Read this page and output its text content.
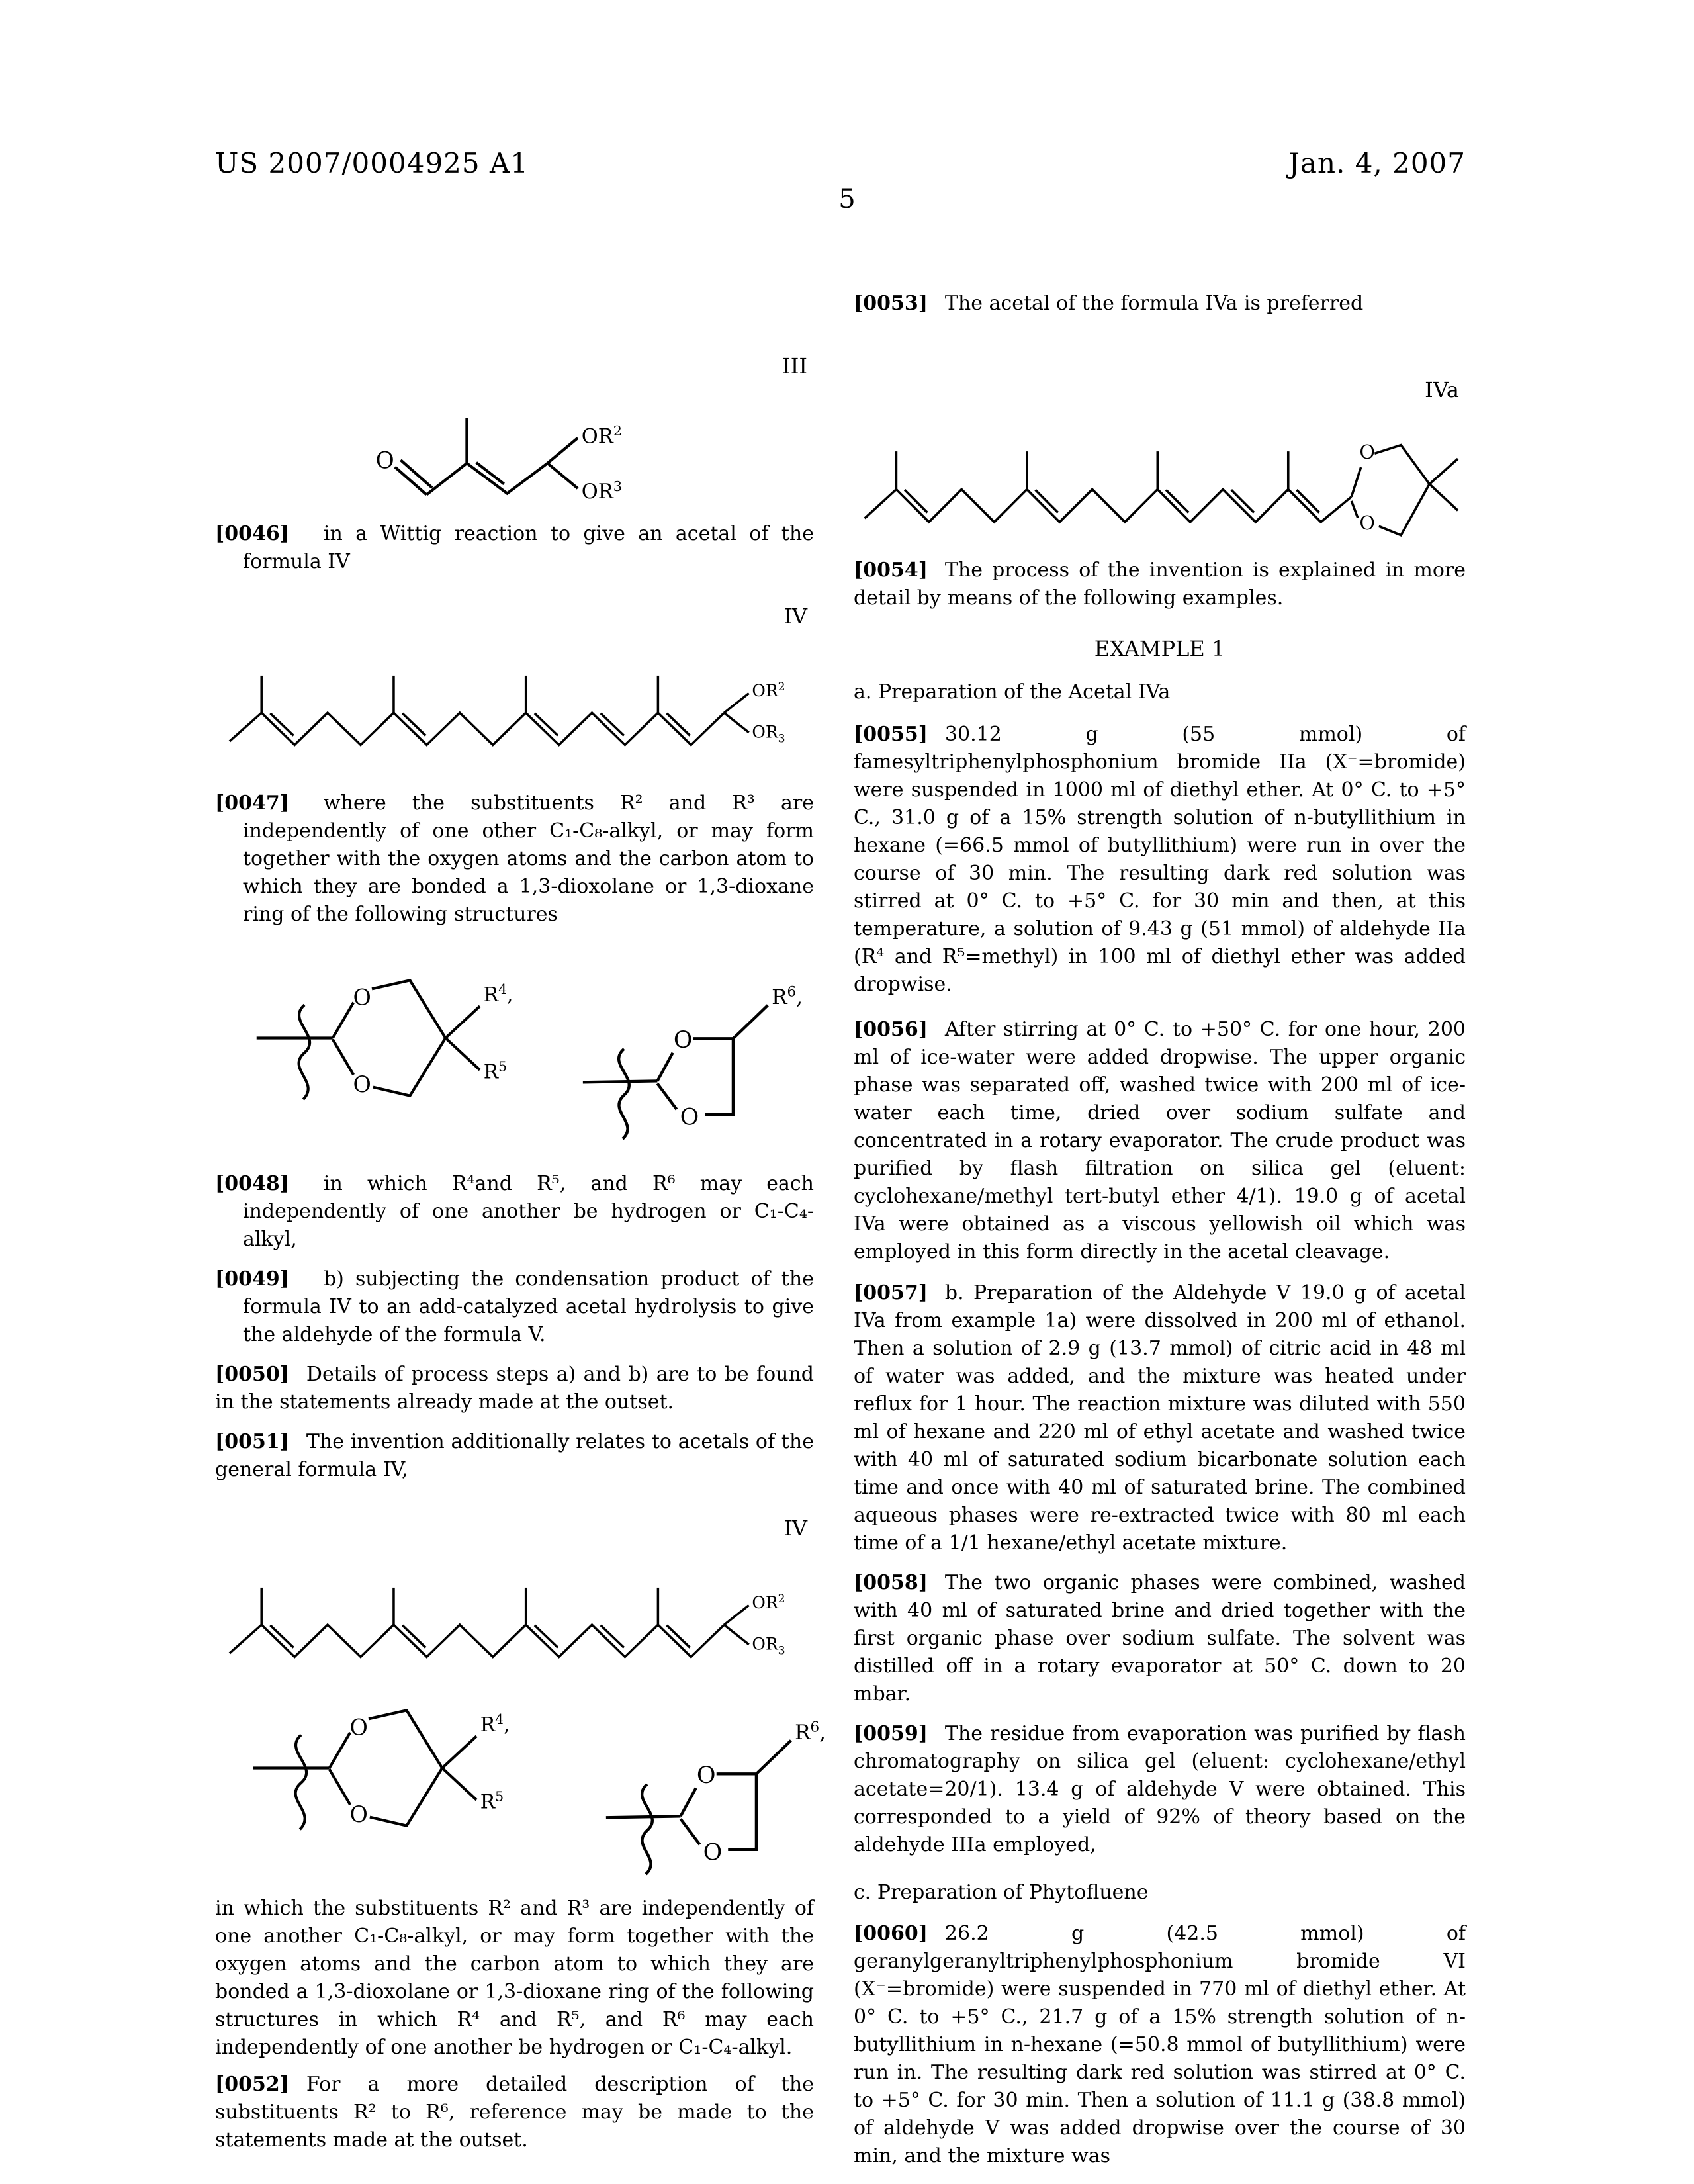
US 2007/0004925 A1	Jan. 4, 2007
5
III
O
$OR^2$
$OR^3$

[0046] in a Wittig reaction to give an acetal of the formula IV

IV
$OR^2$
$OR_3$

[0047] where the substituents R² and R³ are independently of one other C₁-C₈-alkyl, or may form together with the oxygen atoms and the carbon atom to which they are bonded a 1,3-dioxolane or 1,3-dioxane ring of the following structures

O
O
$R^4$,
$R^5$
O
O
$R^6$,

[0048] in which R⁴and R⁵, and R⁶ may each independently of one another be hydrogen or C₁-C₄-alkyl,

[0049] b) subjecting the condensation product of the formula IV to an add-catalyzed acetal hydrolysis to give the aldehyde of the formula V.

[0050] Details of process steps a) and b) are to be found in the statements already made at the outset.

[0051] The invention additionally relates to acetals of the general formula IV,

IV
$OR^2$
$OR_3$
O
O
$R^4$,
$R^5$
O
O
$R^6$,

in which the substituents R² and R³ are independently of one another C₁-C₈-alkyl, or may form together with the oxygen atoms and the carbon atom to which they are bonded a 1,3-dioxolane or 1,3-dioxane ring of the following structures in which R⁴ and R⁵, and R⁶ may each independently of one another be hydrogen or C₁-C₄-alkyl.

[0052] For a more detailed description of the substituents R² to R⁶, reference may be made to the statements made at the outset.

[0053] The acetal of the formula IVa is preferred

IVa
O
O

[0054] The process of the invention is explained in more detail by means of the following examples.

EXAMPLE 1
a. Preparation of the Acetal IVa

[0055] 30.12 g (55 mmol) of famesyltriphenylphosphonium bromide IIa (X⁻=bromide) were suspended in 1000 ml of diethyl ether. At 0° C. to +5° C., 31.0 g of a 15% strength solution of n-butyllithium in hexane (=66.5 mmol of butyllithium) were run in over the course of 30 min. The resulting dark red solution was stirred at 0° C. to +5° C. for 30 min and then, at this temperature, a solution of 9.43 g (51 mmol) of aldehyde IIa (R⁴ and R⁵=methyl) in 100 ml of diethyl ether was added dropwise.

[0056] After stirring at 0° C. to +50° C. for one hour, 200 ml of ice-water were added dropwise. The upper organic phase was separated off, washed twice with 200 ml of ice-water each time, dried over sodium sulfate and concentrated in a rotary evaporator. The crude product was purified by flash filtration on silica gel (eluent: cyclohexane/methyl tert-butyl ether 4/1). 19.0 g of acetal IVa were obtained as a viscous yellowish oil which was employed in this form directly in the acetal cleavage.

[0057] b. Preparation of the Aldehyde V 19.0 g of acetal IVa from example 1a) were dissolved in 200 ml of ethanol. Then a solution of 2.9 g (13.7 mmol) of citric acid in 48 ml of water was added, and the mixture was heated under reflux for 1 hour. The reaction mixture was diluted with 550 ml of hexane and 220 ml of ethyl acetate and washed twice with 40 ml of saturated sodium bicarbonate solution each time and once with 40 ml of saturated brine. The combined aqueous phases were re-extracted twice with 80 ml each time of a 1/1 hexane/ethyl acetate mixture.

[0058] The two organic phases were combined, washed with 40 ml of saturated brine and dried together with the first organic phase over sodium sulfate. The solvent was distilled off in a rotary evaporator at 50° C. down to 20 mbar.

[0059] The residue from evaporation was purified by flash chromatography on silica gel (eluent: cyclohexane/ethyl acetate=20/1). 13.4 g of aldehyde V were obtained. This corresponded to a yield of 92% of theory based on the aldehyde IIIa employed,

c. Preparation of Phytofluene

[0060] 26.2 g (42.5 mmol) of geranylgeranyltriphenylphosphonium bromide VI (X⁻=bromide) were suspended in 770 ml of diethyl ether. At 0° C. to +5° C., 21.7 g of a 15% strength solution of n-butyllithium in n-hexane (=50.8 mmol of butyllithium) were run in. The resulting dark red solution was stirred at 0° C. to +5° C. for 30 min. Then a solution of 11.1 g (38.8 mmol) of aldehyde V was added dropwise over the course of 30 min, and the mixture was
